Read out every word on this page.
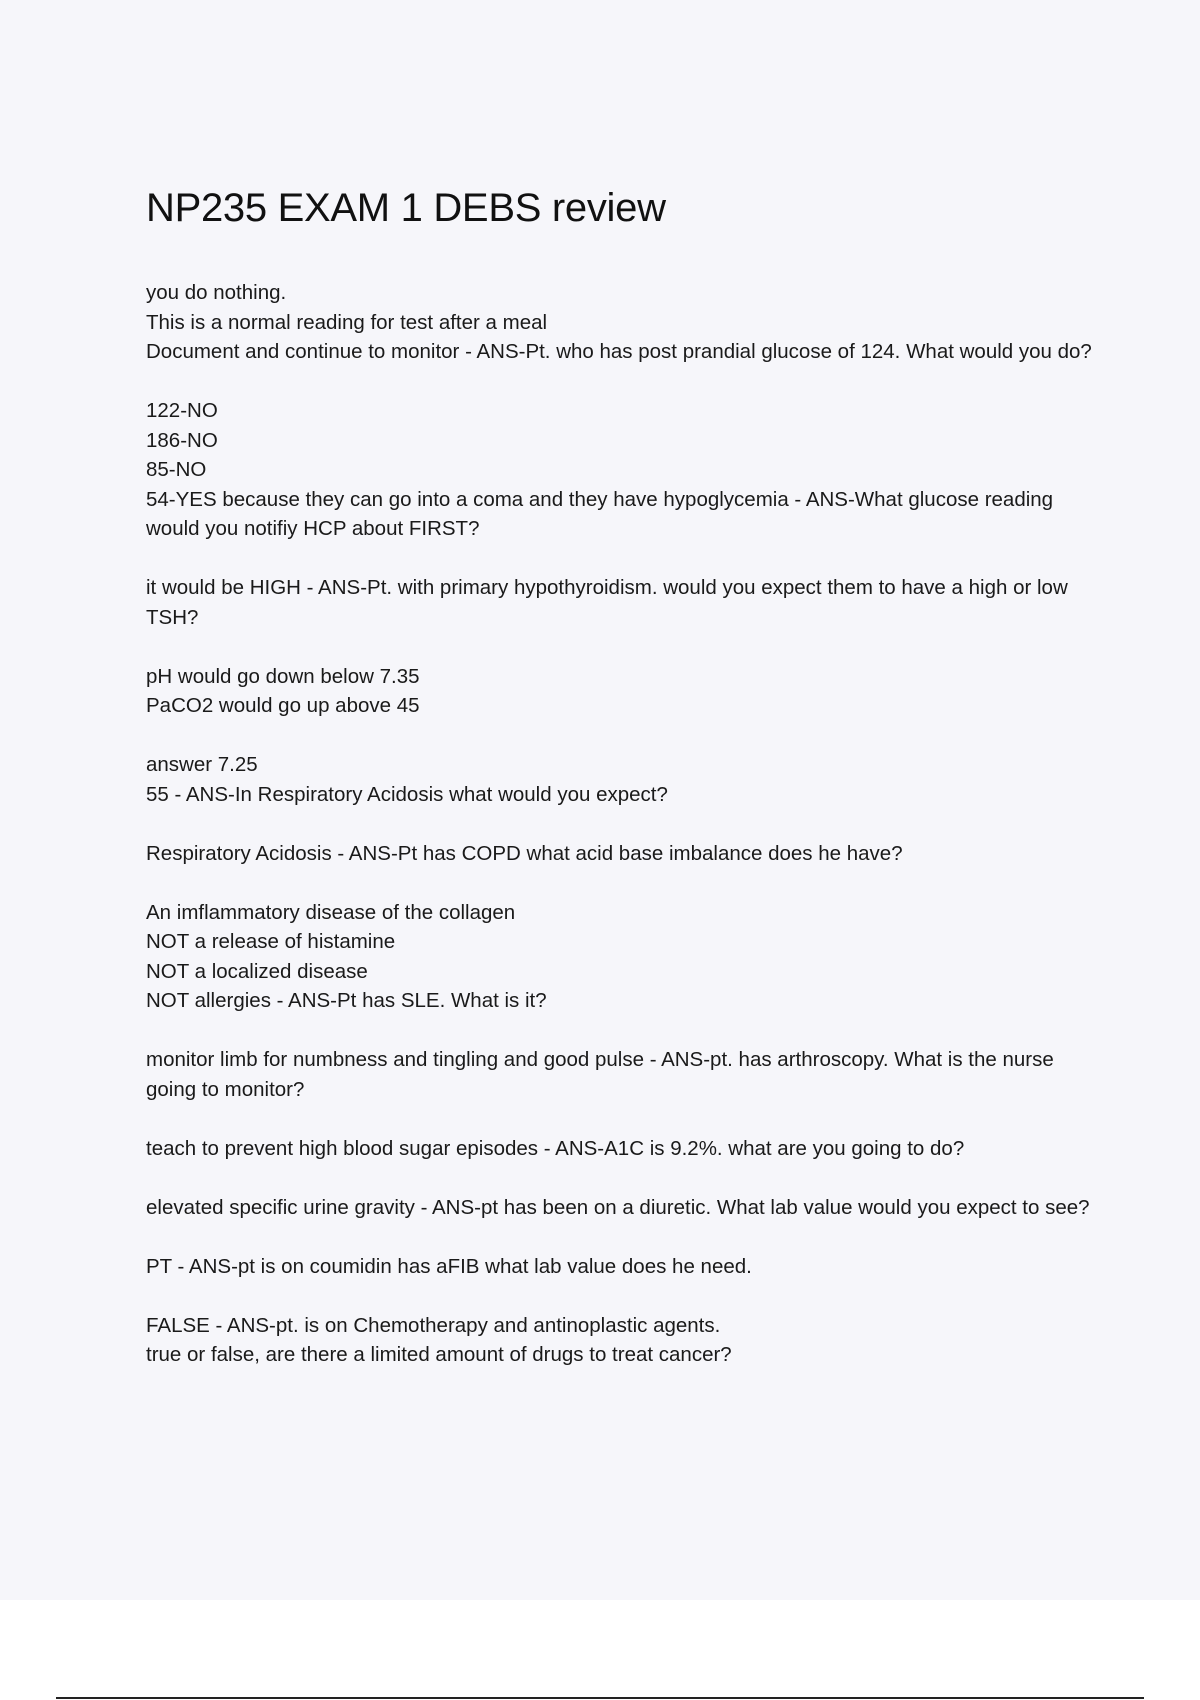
NP235 EXAM 1 DEBS review

you do nothing.
This is a normal reading for test after a meal
Document and continue to monitor - ANS-Pt. who has post prandial glucose of 124. What would you do?

122-NO
186-NO
85-NO
54-YES because they can go into a coma and they have hypoglycemia - ANS-What glucose reading would you notifiy HCP about FIRST?

it would be HIGH - ANS-Pt. with primary hypothyroidism. would you expect them to have a high or low TSH?

pH would go down below 7.35
PaCO2 would go up above 45

answer 7.25
55 - ANS-In Respiratory Acidosis what would you expect?

Respiratory Acidosis - ANS-Pt has COPD what acid base imbalance does he have?

An imflammatory disease of the collagen
NOT a release of histamine
NOT a localized disease
NOT allergies - ANS-Pt has SLE. What is it?

monitor limb for numbness and tingling and good pulse - ANS-pt. has arthroscopy. What is the nurse going to monitor?

teach to prevent high blood sugar episodes - ANS-A1C is 9.2%. what are you going to do?

elevated specific urine gravity - ANS-pt has been on a diuretic. What lab value would you expect to see?

PT - ANS-pt is on coumidin has aFIB what lab value does he need.

FALSE - ANS-pt. is on Chemotherapy and antinoplastic agents.
true or false, are there a limited amount of drugs to treat cancer?
